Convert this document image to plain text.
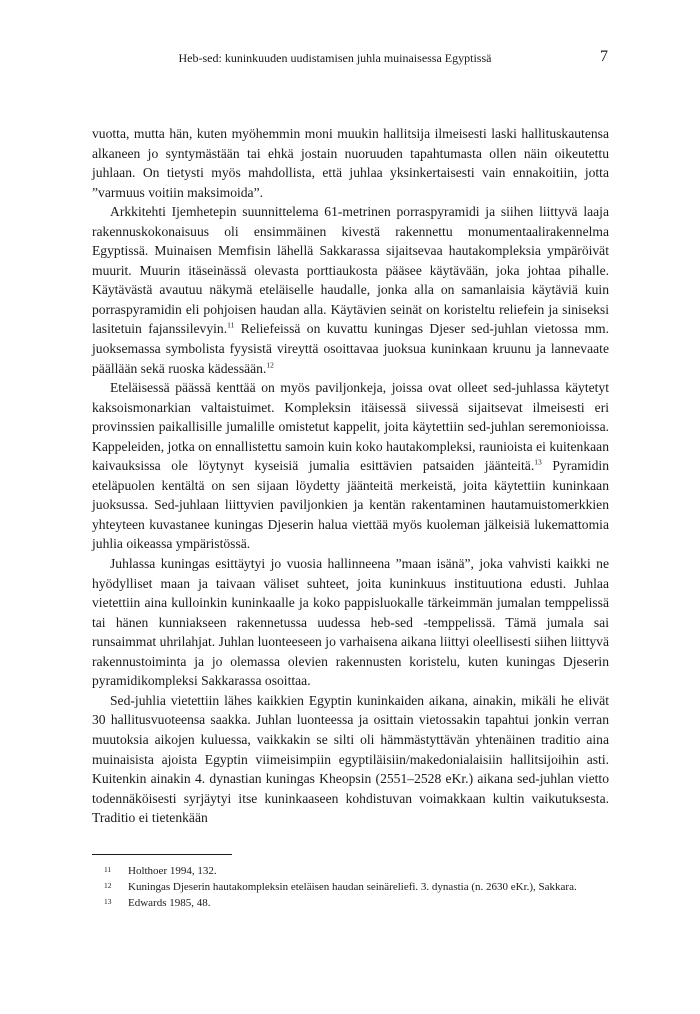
Heb-sed: kuninkuuden uudistamisen juhla muinaisessa Egyptissä	7

vuotta, mutta hän, kuten myöhemmin moni muukin hallitsija ilmeisesti laski hallituskautensa alkaneen jo syntymästään tai ehkä jostain nuoruuden tapahtumasta ollen näin oikeutettu juhlaan. On tietysti myös mahdollista, että juhlaa yksinkertaisesti vain ennakoitiin, jotta ”varmuus voitiin maksimoida”.

Arkkitehti Ijemhetepin suunnittelema 61-metrinen porraspyramidi ja siihen liittyvä laaja rakennuskokonaisuus oli ensimmäinen kivestä rakennettu monumentaalirakennelma Egyptissä. Muinaisen Memfisin lähellä Sakkarassa sijaitsevaa hautakompleksia ympäröivät muurit. Muurin itäseinässä olevasta porttiaukosta pääsee käytävään, joka johtaa pihalle. Käytävästä avautuu näkymä eteläiselle haudalle, jonka alla on samanlaisia käytäviä kuin porraspyramidin eli pohjoisen haudan alla. Käytävien seinät on koristeltu reliefein ja siniseksi lasitetuin fajanssilevyin.$^{11}$ Reliefeissä on kuvattu kuningas Djeser sed-juhlan vietossa mm. juoksemassa symbolista fyysistä vireyttä osoittavaa juoksua kuninkaan kruunu ja lannevaate päällään sekä ruoska kädessään.$^{12}$

Eteläisessä päässä kenttää on myös paviljonkeja, joissa ovat olleet sed-juhlassa käytetyt kaksoismonarkian valtaistuimet. Kompleksin itäisessä siivessä sijaitsevat ilmeisesti eri provinssien paikallisille jumalille omistetut kappelit, joita käytettiin sed-juhlan seremonioissa. Kappeleiden, jotka on ennallistettu samoin kuin koko hautakompleksi, raunioista ei kuitenkaan kaivauksissa ole löytynyt kyseisiä jumalia esittävien patsaiden jäänteitä.$^{13}$ Pyramidin eteläpuolen kentältä on sen sijaan löydetty jäänteitä merkeistä, joita käytettiin kuninkaan juoksussa. Sed-juhlaan liittyvien paviljonkien ja kentän rakentaminen hautamuistomerkkien yhteyteen kuvastanee kuningas Djeserin halua viettää myös kuoleman jälkeisiä lukemattomia juhlia oikeassa ympäristössä.

Juhlassa kuningas esittäytyi jo vuosia hallinneena ”maan isänä”, joka vahvisti kaikki ne hyödylliset maan ja taivaan väliset suhteet, joita kuninkuus instituutiona edusti. Juhlaa vietettiin aina kulloinkin kuninkaalle ja koko pappisluokalle tärkeimmän jumalan temppelissä tai hänen kunniakseen rakennetussa uudessa heb-sed -temppelissä. Tämä jumala sai runsaimmat uhrilahjat. Juhlan luonteeseen jo varhaisena aikana liittyi oleellisesti siihen liittyvä rakennustoiminta ja jo olemassa olevien rakennusten koristelu, kuten kuningas Djeserin pyramidikompleksi Sakkarassa osoittaa.

Sed-juhlia vietettiin lähes kaikkien Egyptin kuninkaiden aikana, ainakin, mikäli he elivät 30 hallitusvuoteensa saakka. Juhlan luonteessa ja osittain vietossakin tapahtui jonkin verran muutoksia aikojen kuluessa, vaikkakin se silti oli hämmästyttävän yhtenäinen traditio aina muinaisista ajoista Egyptin viimeisimpiin egyptiläisiin/makedonialaisiin hallitsijoihin asti. Kuitenkin ainakin 4. dynastian kuningas Kheopsin (2551–2528 eKr.) aikana sed-juhlan vietto todennäköisesti syrjäytyi itse kuninkaaseen kohdistuvan voimakkaan kultin vaikutuksesta. Traditio ei tietenkään

11	Holthoer 1994, 132.
12	Kuningas Djeserin hautakompleksin eteläisen haudan seinäreliefi. 3. dynastia (n. 2630 eKr.), Sakkara.
13	Edwards 1985, 48.
